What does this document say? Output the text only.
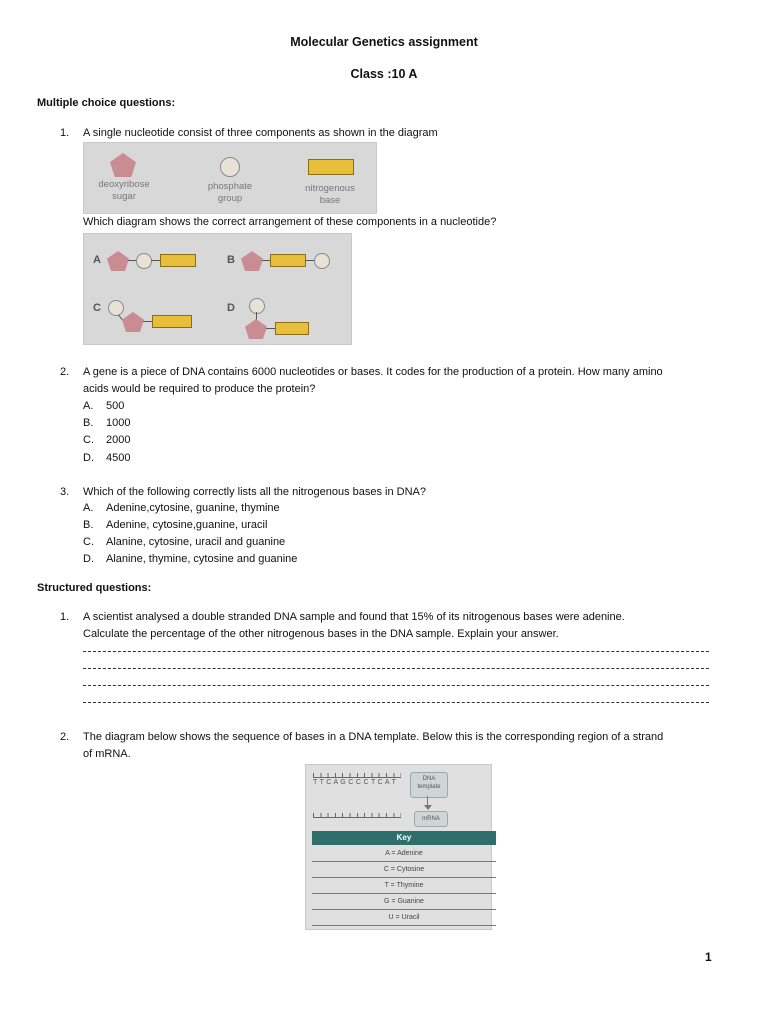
Molecular Genetics assignment
Class :10 A
Multiple choice questions:
1. A single nucleotide consist of three components as shown in the diagram
deoxyribose sugar
phosphate group
nitrogenous base
Which diagram shows the correct arrangement of these components in a nucleotide?
A	B
C	D
2. A gene is a piece of DNA contains 6000 nucleotides or bases. It codes for the production of a protein. How many amino
acids would be required to produce the protein?
A. 500
B. 1000
C. 2000
D. 4500
3. Which of the following correctly lists all the nitrogenous bases in DNA?
A. Adenine,cytosine, guanine, thymine
B. Adenine, cytosine,guanine, uracil
C. Alanine, cytosine, uracil and guanine
D. Alanine, thymine, cytosine and guanine
Structured questions:
1. A scientist analysed a double stranded DNA sample and found that 15% of its nitrogenous bases were adenine.
Calculate the percentage of the other nitrogenous bases in the DNA sample. Explain your answer.
2. The diagram below shows the sequence of bases in a DNA template. Below this is the corresponding region of a strand
of mRNA.
T T C A G C C C T C A T	DNA template
mRNA
Key
A = Adenine
C = Cytosine
T = Thymine
G = Guanine
U = Uracil
1
